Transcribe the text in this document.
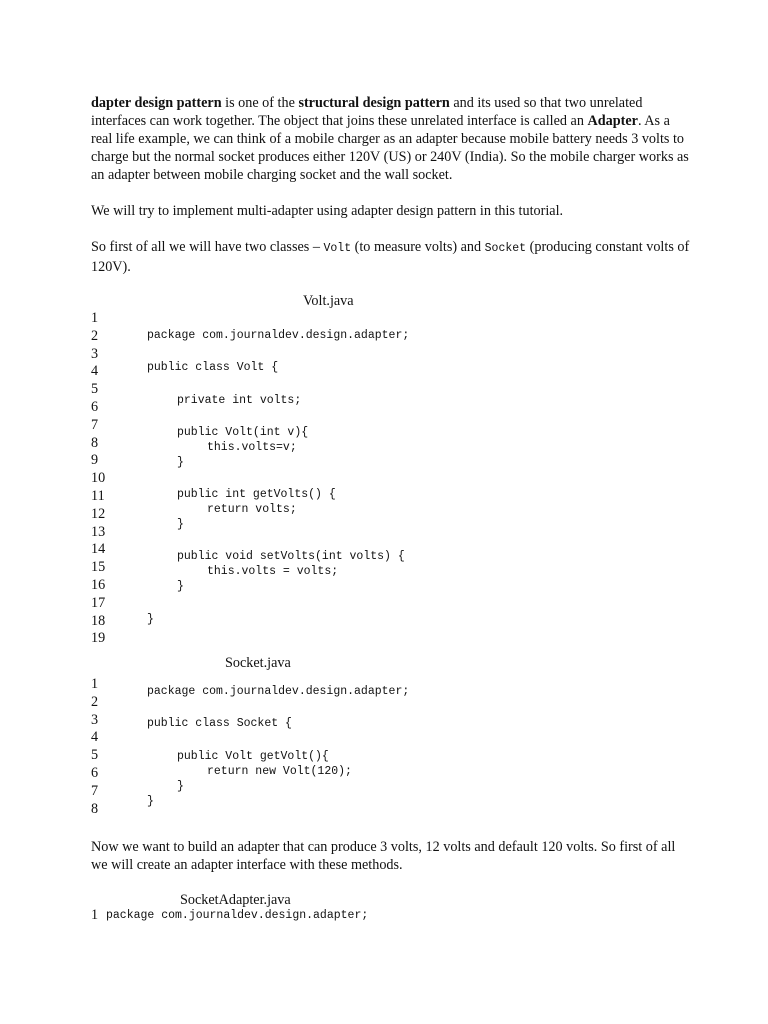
dapter design pattern is one of the structural design pattern and its used so that two unrelated interfaces can work together. The object that joins these unrelated interface is called an Adapter. As a real life example, we can think of a mobile charger as an adapter because mobile battery needs 3 volts to charge but the normal socket produces either 120V (US) or 240V (India). So the mobile charger works as an adapter between mobile charging socket and the wall socket.

We will try to implement multi-adapter using adapter design pattern in this tutorial.

So first of all we will have two classes – Volt (to measure volts) and Socket (producing constant volts of 120V).

Volt.java
1
2
3
4
5
6
7
8
9
10
11
12
13
14
15
16
17
18
19
package com.journaldev.design.adapter;
public class Volt {
private int volts;
public Volt(int v){
this.volts=v;
}
public int getVolts() {
return volts;
}
public void setVolts(int volts) {
this.volts = volts;
}
}
Socket.java
1
2
3
4
5
6
7
8
package com.journaldev.design.adapter;
public class Socket {
public Volt getVolt(){
return new Volt(120);
}
}

Now we want to build an adapter that can produce 3 volts, 12 volts and default 120 volts. So first of all we will create an adapter interface with these methods.

SocketAdapter.java
1 package com.journaldev.design.adapter;
